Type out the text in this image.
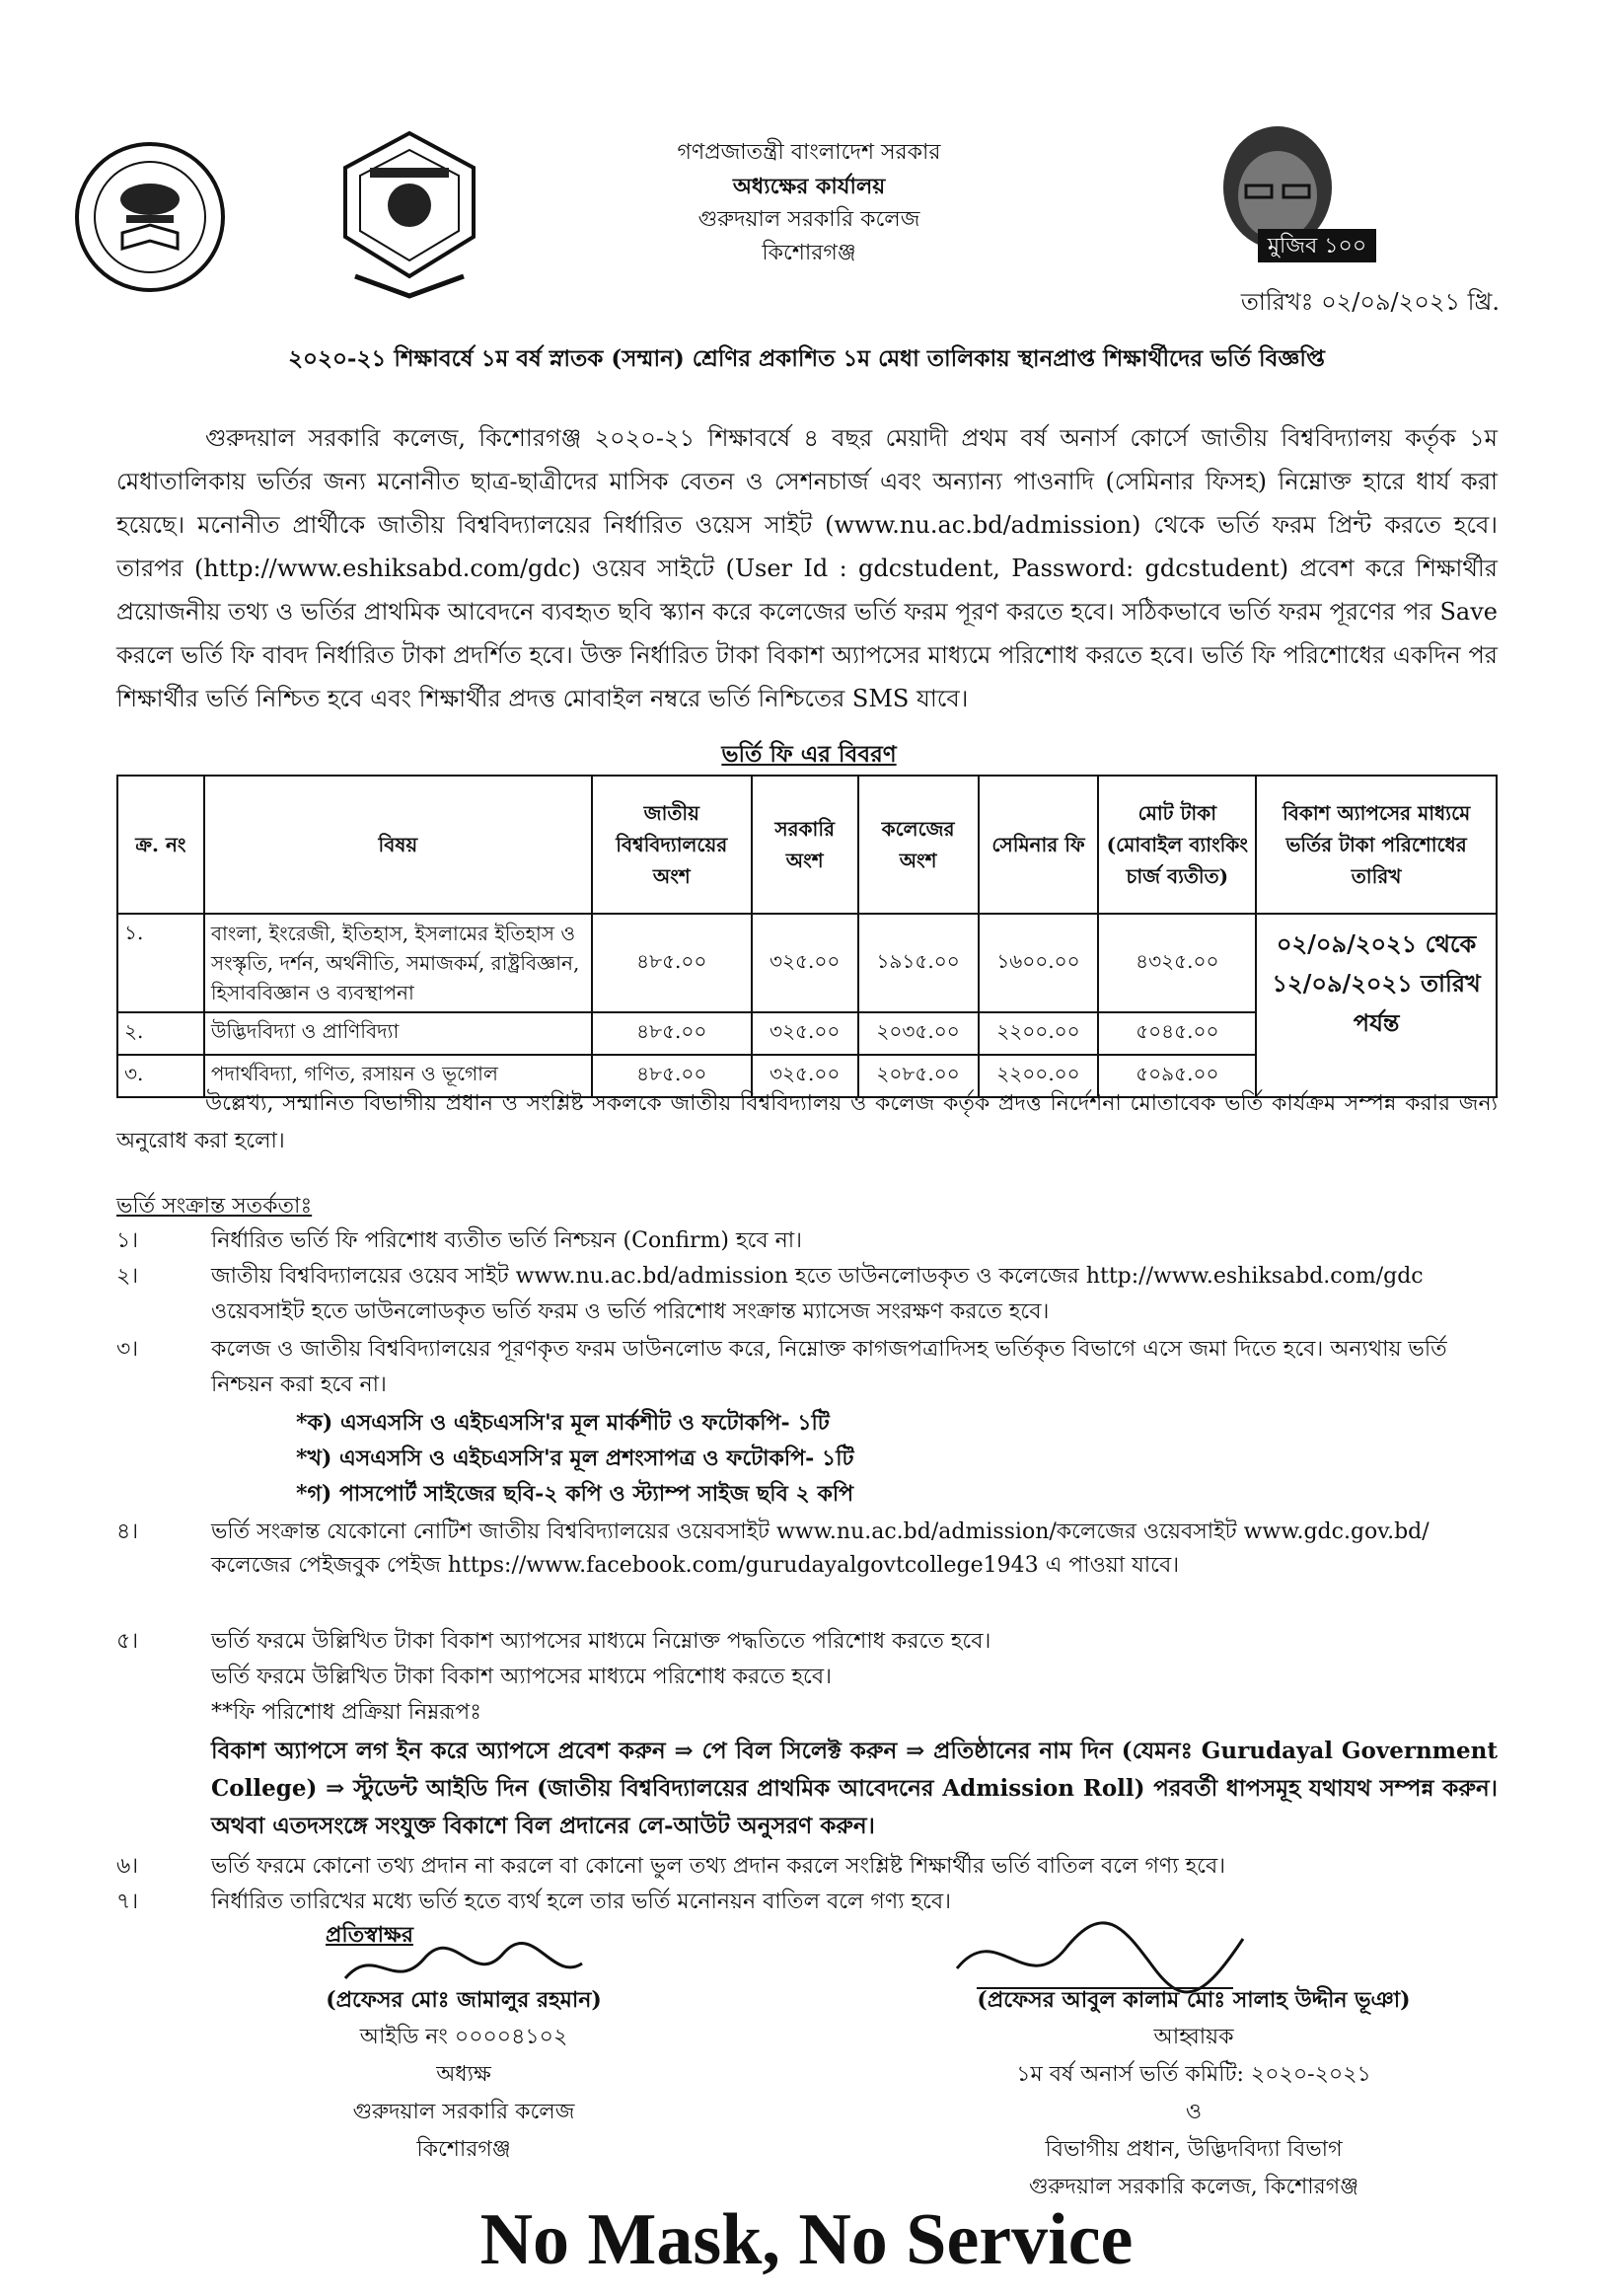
মুজিব ১০০
গণপ্রজাতন্ত্রী বাংলাদেশ সরকার
অধ্যক্ষের কার্যালয়
গুরুদয়াল সরকারি কলেজ
কিশোরগঞ্জ
তারিখঃ ০২/০৯/২০২১ খ্রি.
২০২০-২১ শিক্ষাবর্ষে ১ম বর্ষ স্নাতক (সম্মান) শ্রেণির প্রকাশিত ১ম মেধা তালিকায় স্থানপ্রাপ্ত শিক্ষার্থীদের ভর্তি বিজ্ঞপ্তি
গুরুদয়াল সরকারি কলেজ, কিশোরগঞ্জ ২০২০-২১ শিক্ষাবর্ষে ৪ বছর মেয়াদী প্রথম বর্ষ অনার্স কোর্সে জাতীয় বিশ্ববিদ্যালয় কর্তৃক ১ম মেধাতালিকায় ভর্তির জন্য মনোনীত ছাত্র-ছাত্রীদের মাসিক বেতন ও সেশনচার্জ এবং অন্যান্য পাওনাদি (সেমিনার ফিসহ) নিম্নোক্ত হারে ধার্য করা হয়েছে। মনোনীত প্রার্থীকে জাতীয় বিশ্ববিদ্যালয়ের নির্ধারিত ওয়েস সাইট (www.nu.ac.bd/admission) থেকে ভর্তি ফরম প্রিন্ট করতে হবে। তারপর (http://www.eshiksabd.com/gdc) ওয়েব সাইটে (User Id : gdcstudent, Password: gdcstudent) প্রবেশ করে শিক্ষার্থীর প্রয়োজনীয় তথ্য ও ভর্তির প্রাথমিক আবেদনে ব্যবহৃত ছবি স্ক্যান করে কলেজের ভর্তি ফরম পূরণ করতে হবে। সঠিকভাবে ভর্তি ফরম পূরণের পর Save করলে ভর্তি ফি বাবদ নির্ধারিত টাকা প্রদর্শিত হবে। উক্ত নির্ধারিত টাকা বিকাশ অ্যাপসের মাধ্যমে পরিশোধ করতে হবে। ভর্তি ফি পরিশোধের একদিন পর শিক্ষার্থীর ভর্তি নিশ্চিত হবে এবং শিক্ষার্থীর প্রদত্ত মোবাইল নম্বরে ভর্তি নিশ্চিতের SMS যাবে।
ভর্তি ফি এর বিবরণ
ক্র. নং	বিষয়	জাতীয় বিশ্ববিদ্যালয়ের অংশ	সরকারি অংশ	কলেজের অংশ	সেমিনার ফি	মোট টাকা (মোবাইল ব্যাংকিং চার্জ ব্যতীত)	বিকাশ অ্যাপসের মাধ্যমে ভর্তির টাকা পরিশোধের তারিখ
১.	বাংলা, ইংরেজী, ইতিহাস, ইসলামের ইতিহাস ও সংস্কৃতি, দর্শন, অর্থনীতি, সমাজকর্ম, রাষ্ট্রবিজ্ঞান, হিসাববিজ্ঞান ও ব্যবস্থাপনা	৪৮৫.০০	৩২৫.০০	১৯১৫.০০	১৬০০.০০	৪৩২৫.০০	০২/০৯/২০২১ থেকে ১২/০৯/২০২১ তারিখ পর্যন্ত
২.	উদ্ভিদবিদ্যা ও প্রাণিবিদ্যা	৪৮৫.০০	৩২৫.০০	২০৩৫.০০	২২০০.০০	৫০৪৫.০০	
৩.	পদার্থবিদ্যা, গণিত, রসায়ন ও ভূগোল	৪৮৫.০০	৩২৫.০০	২০৮৫.০০	২২০০.০০	৫০৯৫.০০	
উল্লেখ্য, সম্মানিত বিভাগীয় প্রধান ও সংশ্লিষ্ট সকলকে জাতীয় বিশ্ববিদ্যালয় ও কলেজ কর্তৃক প্রদত্ত নির্দেশনা মোতাবেক ভর্তি কার্যক্রম সম্পন্ন করার জন্য অনুরোধ করা হলো।
ভর্তি সংক্রান্ত সতর্কতাঃ
১।	নির্ধারিত ভর্তি ফি পরিশোধ ব্যতীত ভর্তি নিশ্চয়ন (Confirm) হবে না।
২।	জাতীয় বিশ্ববিদ্যালয়ের ওয়েব সাইট www.nu.ac.bd/admission হতে ডাউনলোডকৃত ও কলেজের http://www.eshiksabd.com/gdc ওয়েবসাইট হতে ডাউনলোডকৃত ভর্তি ফরম ও ভর্তি পরিশোধ সংক্রান্ত ম্যাসেজ সংরক্ষণ করতে হবে।
৩।	কলেজ ও জাতীয় বিশ্ববিদ্যালয়ের পূরণকৃত ফরম ডাউনলোড করে, নিম্নোক্ত কাগজপত্রাদিসহ ভর্তিকৃত বিভাগে এসে জমা দিতে হবে। অন্যথায় ভর্তি নিশ্চয়ন করা হবে না।
*ক) এসএসসি ও এইচএসসি'র মূল মার্কশীট ও ফটোকপি- ১টি
*খ) এসএসসি ও এইচএসসি'র মূল প্রশংসাপত্র ও ফটোকপি- ১টি
*গ) পাসপোর্ট সাইজের ছবি-২ কপি ও স্ট্যাম্প সাইজ ছবি ২ কপি
৪।	ভর্তি সংক্রান্ত যেকোনো নোটিশ জাতীয় বিশ্ববিদ্যালয়ের ওয়েবসাইট www.nu.ac.bd/admission/কলেজের ওয়েবসাইট www.gdc.gov.bd/কলেজের পেইজবুক পেইজ https://www.facebook.com/gurudayalgovtcollege1943 এ পাওয়া যাবে।
৫।	ভর্তি ফরমে উল্লিখিত টাকা বিকাশ অ্যাপসের মাধ্যমে নিম্নোক্ত পদ্ধতিতে পরিশোধ করতে হবে।
ভর্তি ফরমে উল্লিখিত টাকা বিকাশ অ্যাপসের মাধ্যমে পরিশোধ করতে হবে।
**ফি পরিশোধ প্রক্রিয়া নিম্নরূপঃ
বিকাশ অ্যাপসে লগ ইন করে অ্যাপসে প্রবেশ করুন ⇒ পে বিল সিলেক্ট করুন ⇒ প্রতিষ্ঠানের নাম দিন (যেমনঃ Gurudayal Government College) ⇒ স্টুডেন্ট আইডি দিন (জাতীয় বিশ্ববিদ্যালয়ের প্রাথমিক আবেদনের Admission Roll) পরবর্তী ধাপসমূহ যথাযথ সম্পন্ন করুন। অথবা এতদসংঙ্গে সংযুক্ত বিকাশে বিল প্রদানের লে-আউট অনুসরণ করুন।
৬।	ভর্তি ফরমে কোনো তথ্য প্রদান না করলে বা কোনো ভুল তথ্য প্রদান করলে সংশ্লিষ্ট শিক্ষার্থীর ভর্তি বাতিল বলে গণ্য হবে।
৭।	নির্ধারিত তারিখের মধ্যে ভর্তি হতে ব্যর্থ হলে তার ভর্তি মনোনয়ন বাতিল বলে গণ্য হবে।
প্রতিস্বাক্ষর
(প্রফেসর মোঃ জামালুর রহমান)
আইডি নং ০০০০৪১০২
অধ্যক্ষ
গুরুদয়াল সরকারি কলেজ
কিশোরগঞ্জ
(প্রফেসর আবুল কালাম মোঃ সালাহ উদ্দীন ভূঞা)
আহ্বায়ক
১ম বর্ষ অনার্স ভর্তি কমিটি: ২০২০-২০২১
ও
বিভাগীয় প্রধান, উদ্ভিদবিদ্যা বিভাগ
গুরুদয়াল সরকারি কলেজ, কিশোরগঞ্জ
No Mask, No Service
